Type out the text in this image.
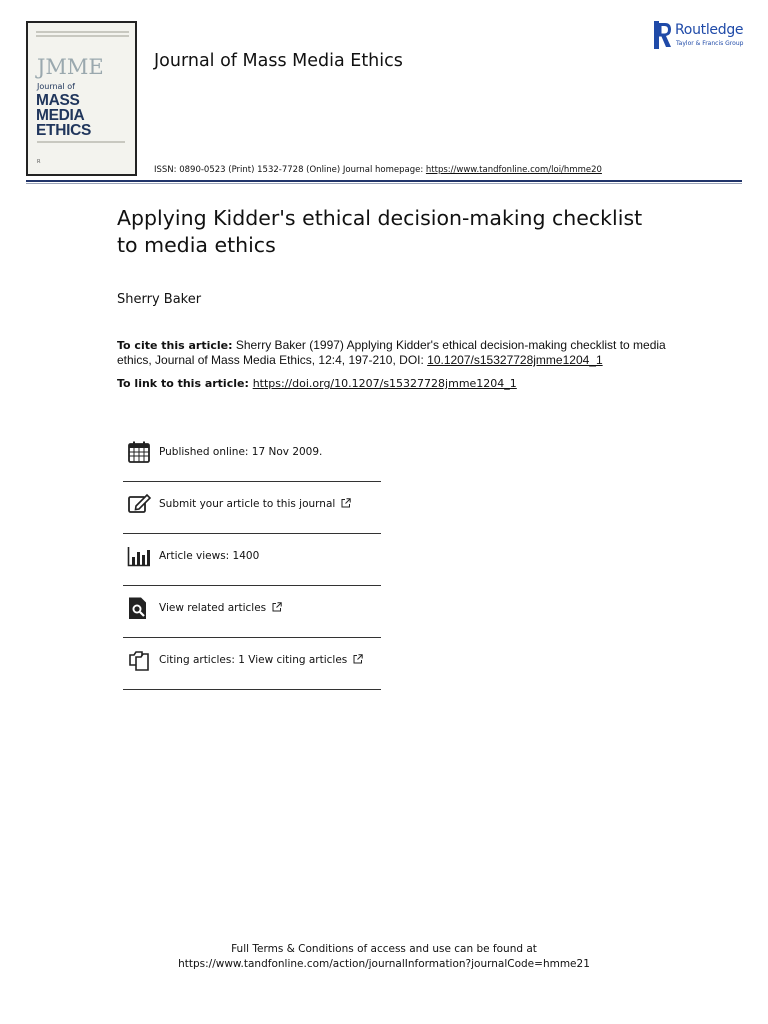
JMME
Journal of
MASS
MEDIA
ETHICS
R
Journal of Mass Media Ethics
Routledge
Taylor & Francis Group
ISSN: 0890-0523 (Print) 1532-7728 (Online) Journal homepage: https://www.tandfonline.com/loi/hmme20
Applying Kidder's ethical decision-making checklist
to media ethics
Sherry Baker
To cite this article: Sherry Baker (1997) Applying Kidder's ethical decision-making checklist to media ethics, Journal of Mass Media Ethics, 12:4, 197-210, DOI: 10.1207/s15327728jmme1204_1
To link to this article: https://doi.org/10.1207/s15327728jmme1204_1
Published online: 17 Nov 2009.
Submit your article to this journal
Article views: 1400
View related articles
Citing articles: 1 View citing articles
Full Terms & Conditions of access and use can be found at
https://www.tandfonline.com/action/journalInformation?journalCode=hmme21
